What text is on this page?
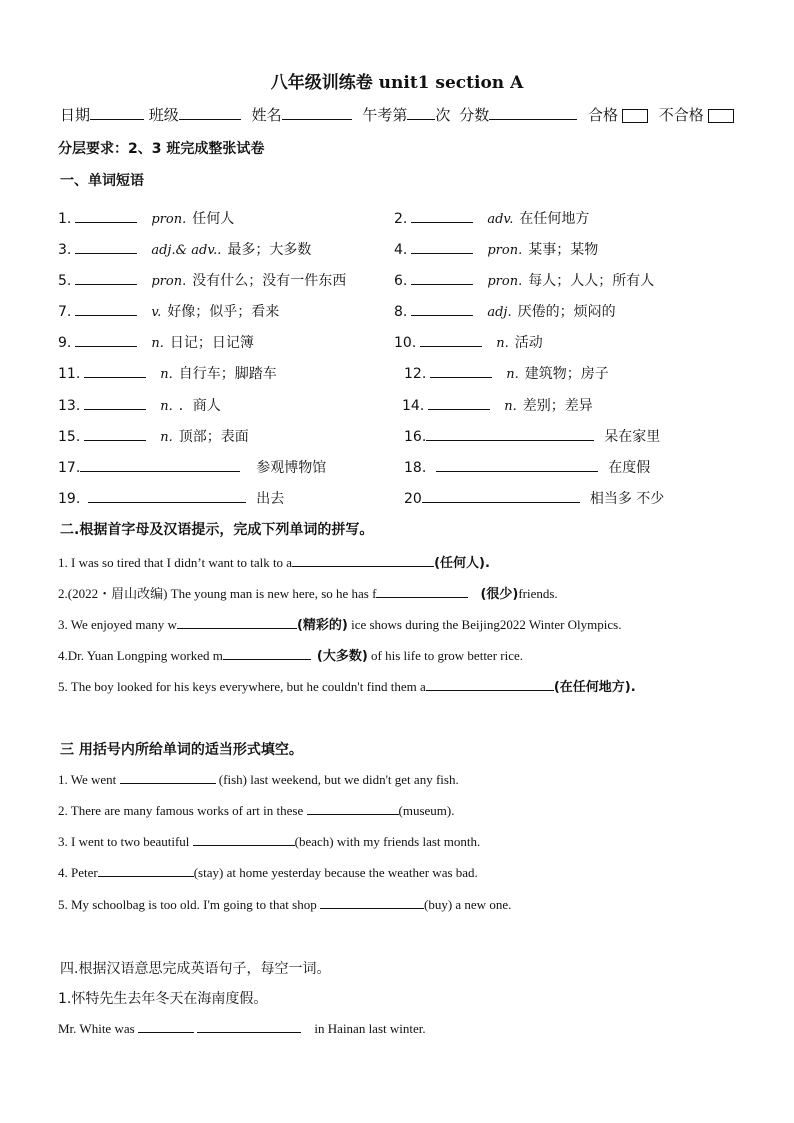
八年级训练卷 unit1 section A
日期	班级	姓名	午考第 次 分数	合格	不合格
分层要求：2、3 班完成整张试卷
一、单词短语
1.	pron. 任何人	2.	adv. 在任何地方
3.	adj.& adv.. 最多；大多数	4.	pron. 某事；某物
5.	pron. 没有什么；没有一件东西	6.	pron. 每人；人人；所有人
7.	v. 好像；似乎；看来	8.	adj. 厌倦的；烦闷的
9.	n. 日记；日记簿	10.	n. 活动
11.	n. 自行车；脚踏车	12.	n. 建筑物；房子
13.	n. ．商人	14.	n. 差别；差异
15.	n. 顶部；表面	16.	呆在家里
17.	参观博物馆	18.	在度假
19.	出去	20	相当多 不少
二.根据首字母及汉语提示，完成下列单词的拼写。
1. I was so tired that I didn’t want to talk to a	(任何人).
2.(2022・眉山改编) The young man is new here, so he has f	(很少)friends.
3. We enjoyed many w	(精彩的) ice shows during the Beijing2022 Winter Olympics.
4.Dr. Yuan Longping worked m	(大多数) of his life to grow better rice.
5. The boy looked for his keys everywhere, but he couldn't find them a	(在任何地方).
三 用括号内所给单词的适当形式填空。
1. We went	(fish) last weekend, but we didn't get any fish.
2. There are many famous works of art in these	(museum).
3. I went to two beautiful	(beach) with my friends last month.
4. Peter	(stay) at home yesterday because the weather was bad.
5. My schoolbag is too old. I'm going to that shop	(buy) a new one.
四.根据汉语意思完成英语句子，每空一词。
1.怀特先生去年冬天在海南度假。
Mr. White was	in Hainan last winter.
